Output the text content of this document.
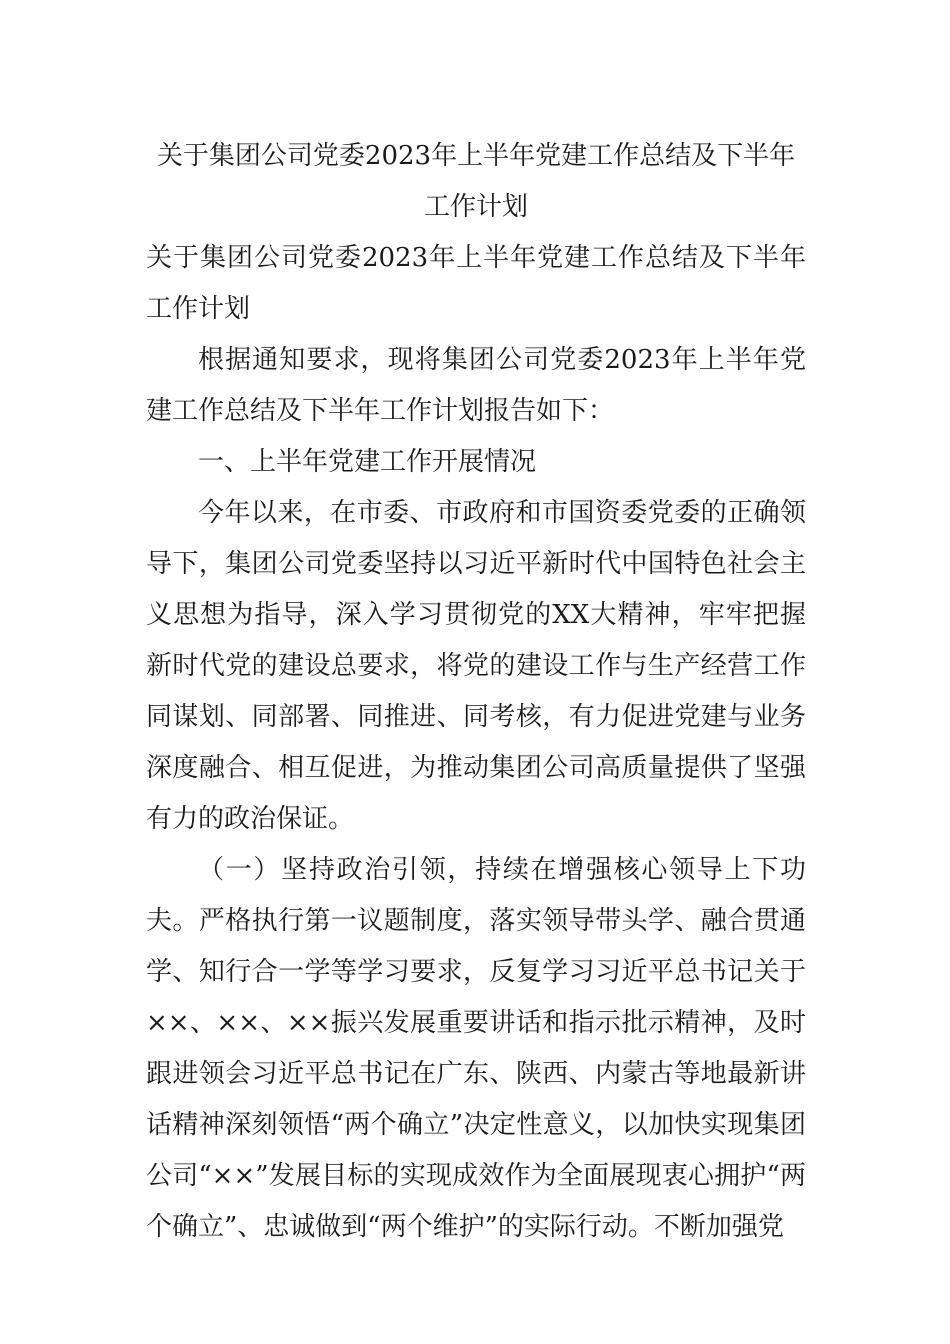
关于集团公司党委2023年上半年党建工作总结及下半年工作计划

关于集团公司党委2023年上半年党建工作总结及下半年工作计划

根据通知要求，现将集团公司党委2023年上半年党建工作总结及下半年工作计划报告如下：

一、上半年党建工作开展情况

今年以来，在市委、市政府和市国资委党委的正确领导下，集团公司党委坚持以习近平新时代中国特色社会主义思想为指导，深入学习贯彻党的XX大精神，牢牢把握新时代党的建设总要求，将党的建设工作与生产经营工作同谋划、同部署、同推进、同考核，有力促进党建与业务深度融合、相互促进，为推动集团公司高质量提供了坚强有力的政治保证。

（一）坚持政治引领，持续在增强核心领导上下功夫。严格执行第一议题制度，落实领导带头学、融合贯通学、知行合一学等学习要求，反复学习习近平总书记关于××、××、××振兴发展重要讲话和指示批示精神，及时跟进领会习近平总书记在广东、陕西、内蒙古等地最新讲话精神深刻领悟“两个确立”决定性意义，以加快实现集团公司“××”发展目标的实现成效作为全面展现衷心拥护“两个确立”、忠诚做到“两个维护”的实际行动。不断加强党
